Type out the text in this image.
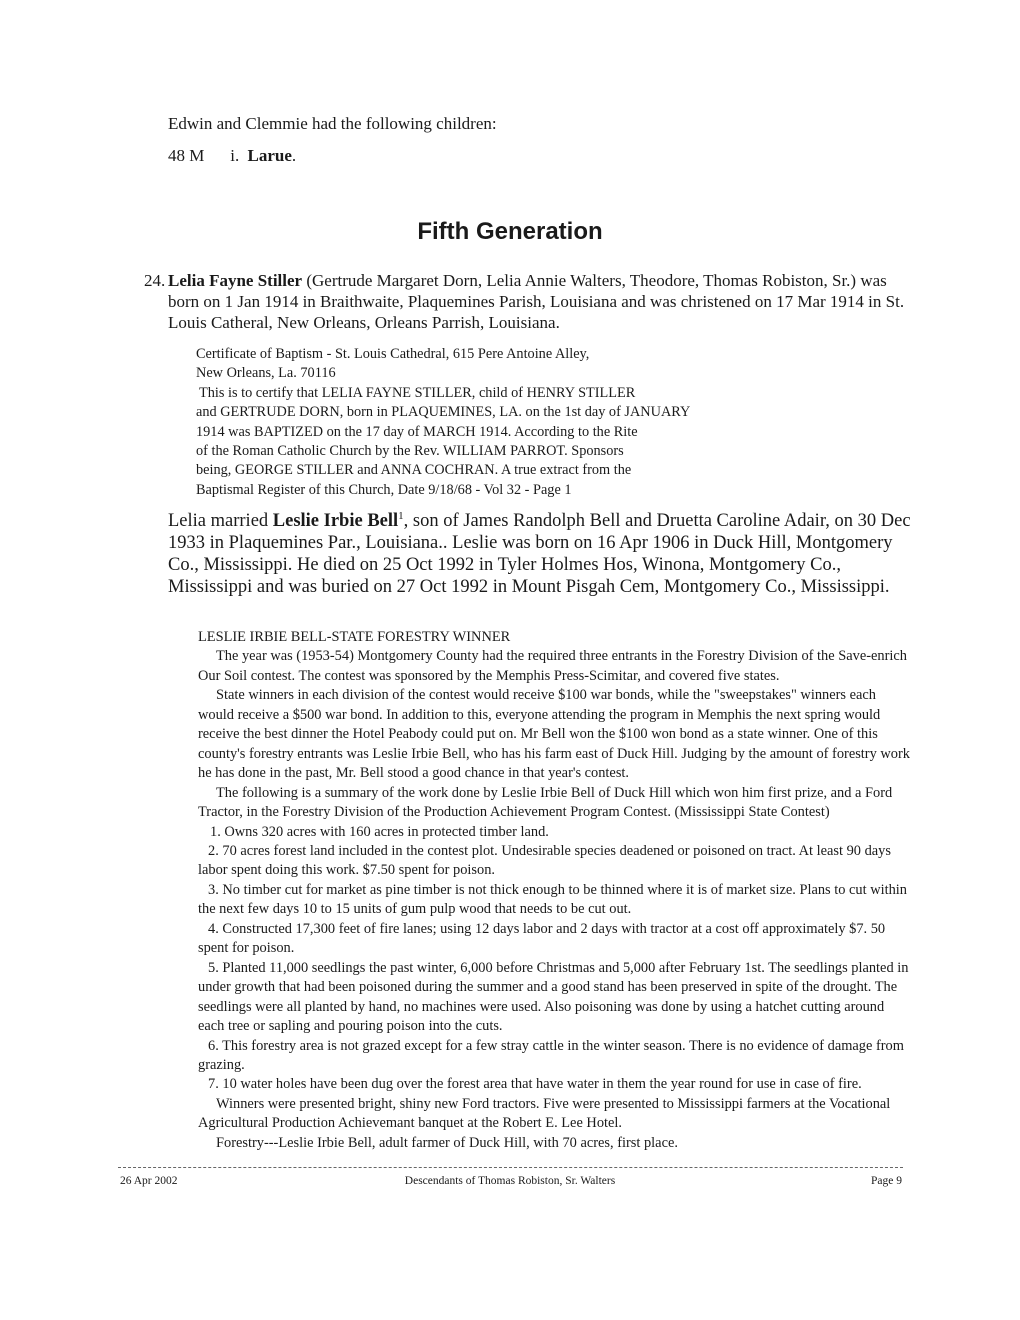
Edwin and Clemmie had the following children:
48 M i. Larue.
Fifth Generation
24. Lelia Fayne Stiller (Gertrude Margaret Dorn, Lelia Annie Walters, Theodore, Thomas Robiston, Sr.) was born on 1 Jan 1914 in Braithwaite, Plaquemines Parish, Louisiana and was christened on 17 Mar 1914 in St. Louis Catheral, New Orleans, Orleans Parrish, Louisiana.
Certificate of Baptism - St. Louis Cathedral, 615 Pere Antoine Alley,
New Orleans, La. 70116
This is to certify that LELIA FAYNE STILLER, child of HENRY STILLER
and GERTRUDE DORN, born in PLAQUEMINES, LA. on the 1st day of JANUARY
1914 was BAPTIZED on the 17 day of MARCH 1914. According to the Rite
of the Roman Catholic Church by the Rev. WILLIAM PARROT. Sponsors
being, GEORGE STILLER and ANNA COCHRAN. A true extract from the
Baptismal Register of this Church, Date 9/18/68 - Vol 32 - Page 1
Lelia married Leslie Irbie Bell$^1$, son of James Randolph Bell and Druetta Caroline Adair, on 30 Dec 1933 in Plaquemines Par., Louisiana.. Leslie was born on 16 Apr 1906 in Duck Hill, Montgomery Co., Mississippi. He died on 25 Oct 1992 in Tyler Holmes Hos, Winona, Montgomery Co., Mississippi and was buried on 27 Oct 1992 in Mount Pisgah Cem, Montgomery Co., Mississippi.
LESLIE IRBIE BELL-STATE FORESTRY WINNER
The year was (1953-54) Montgomery County had the required three entrants in the Forestry Division of the Save-enrich Our Soil contest. The contest was sponsored by the Memphis Press-Scimitar, and covered five states.
State winners in each division of the contest would receive $100 war bonds, while the "sweepstakes" winners each would receive a $500 war bond. In addition to this, everyone attending the program in Memphis the next spring would receive the best dinner the Hotel Peabody could put on. Mr Bell won the $100 won bond as a state winner. One of this county's forestry entrants was Leslie Irbie Bell, who has his farm east of Duck Hill. Judging by the amount of forestry work he has done in the past, Mr. Bell stood a good chance in that year's contest.
The following is a summary of the work done by Leslie Irbie Bell of Duck Hill which won him first prize, and a Ford Tractor, in the Forestry Division of the Production Achievement Program Contest. (Mississippi State Contest)
1. Owns 320 acres with 160 acres in protected timber land.
2. 70 acres forest land included in the contest plot. Undesirable species deadened or poisoned on tract. At least 90 days labor spent doing this work. $7.50 spent for poison.
3. No timber cut for market as pine timber is not thick enough to be thinned where it is of market size. Plans to cut within the next few days 10 to 15 units of gum pulp wood that needs to be cut out.
4. Constructed 17,300 feet of fire lanes; using 12 days labor and 2 days with tractor at a cost off approximately $7. 50 spent for poison.
5. Planted 11,000 seedlings the past winter, 6,000 before Christmas and 5,000 after February 1st. The seedlings planted in under growth that had been poisoned during the summer and a good stand has been preserved in spite of the drought. The seedlings were all planted by hand, no machines were used. Also poisoning was done by using a hatchet cutting around each tree or sapling and pouring poison into the cuts.
6. This forestry area is not grazed except for a few stray cattle in the winter season. There is no evidence of damage from grazing.
7. 10 water holes have been dug over the forest area that have water in them the year round for use in case of fire.
Winners were presented bright, shiny new Ford tractors. Five were presented to Mississippi farmers at the Vocational Agricultural Production Achievemant banquet at the Robert E. Lee Hotel.
Forestry---Leslie Irbie Bell, adult farmer of Duck Hill, with 70 acres, first place.
26 Apr 2002	Descendants of Thomas Robiston, Sr. Walters	Page 9
